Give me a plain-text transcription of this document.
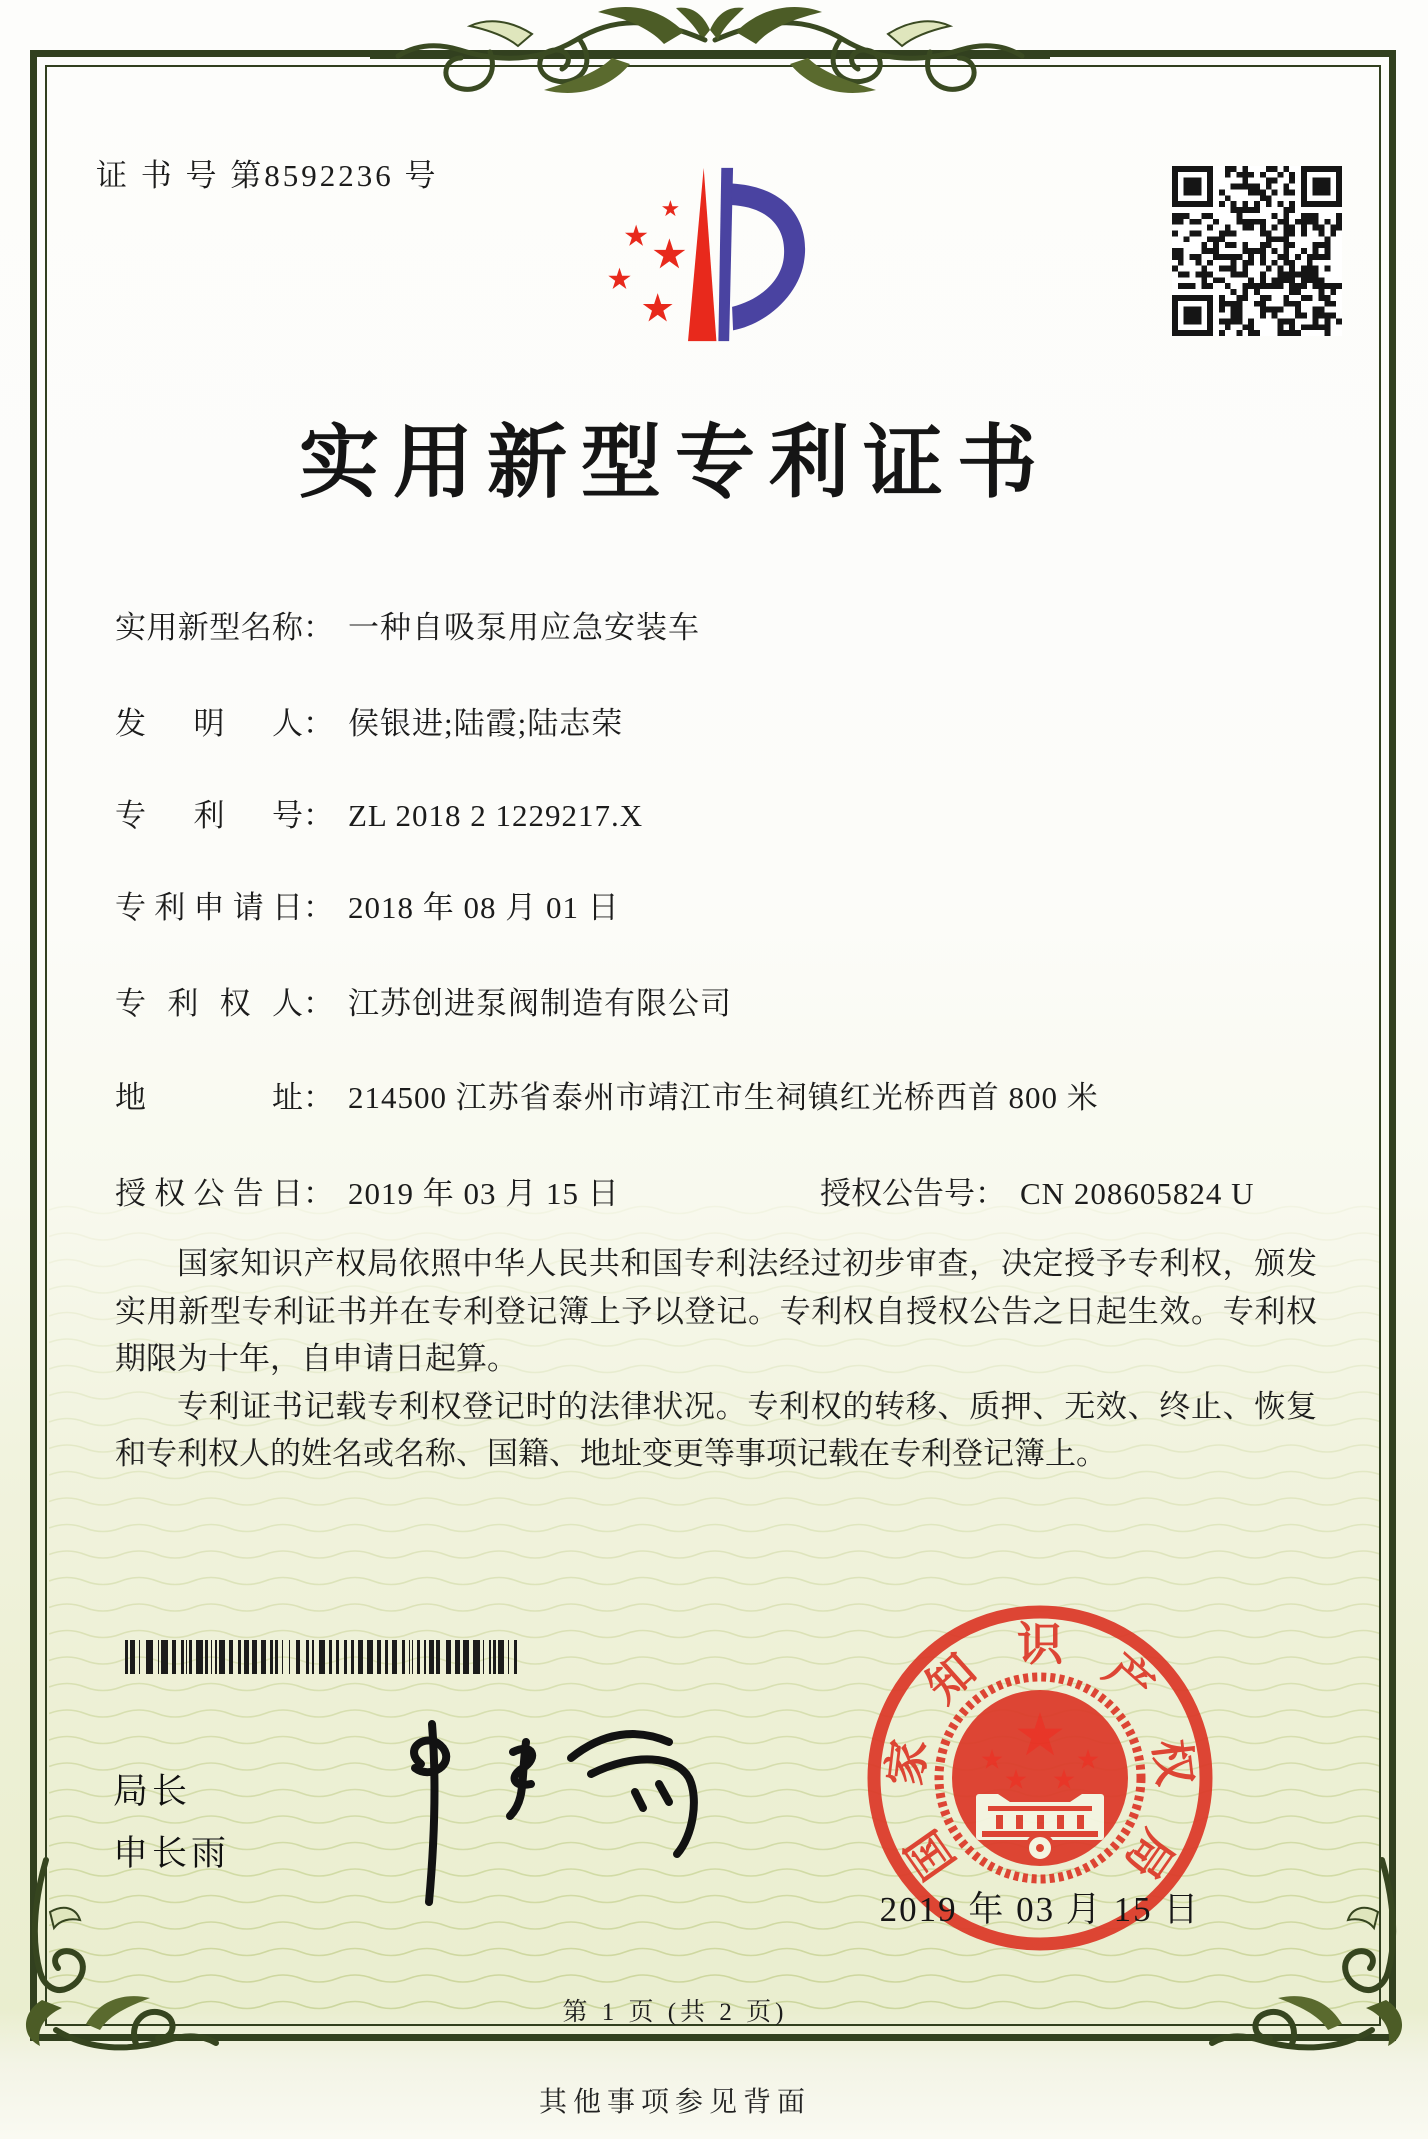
证 书 号 第8592236 号
实用新型专利证书
实用新型名称： 一种自吸泵用应急安装车
发明人： 侯银进;陆霞;陆志荣
专利号： ZL 2018 2 1229217.X
专利申请日： 2018 年 08 月 01 日
专利权人： 江苏创进泵阀制造有限公司
地址： 214500 江苏省泰州市靖江市生祠镇红光桥西首 800 米
授权公告日： 2019 年 03 月 15 日	授权公告号： CN 208605824 U

国家知识产权局依照中华人民共和国专利法经过初步审查，决定授予专利权，颁发实用新型专利证书并在专利登记簿上予以登记。专利权自授权公告之日起生效。专利权期限为十年，自申请日起算。

专利证书记载专利权登记时的法律状况。专利权的转移、质押、无效、终止、恢复和专利权人的姓名或名称、国籍、地址变更等事项记载在专利登记簿上。

局长
申长雨	国
家
知 识 产
权
局
2019 年 03 月 15 日
第 1 页 (共 2 页)
其他事项参见背面
